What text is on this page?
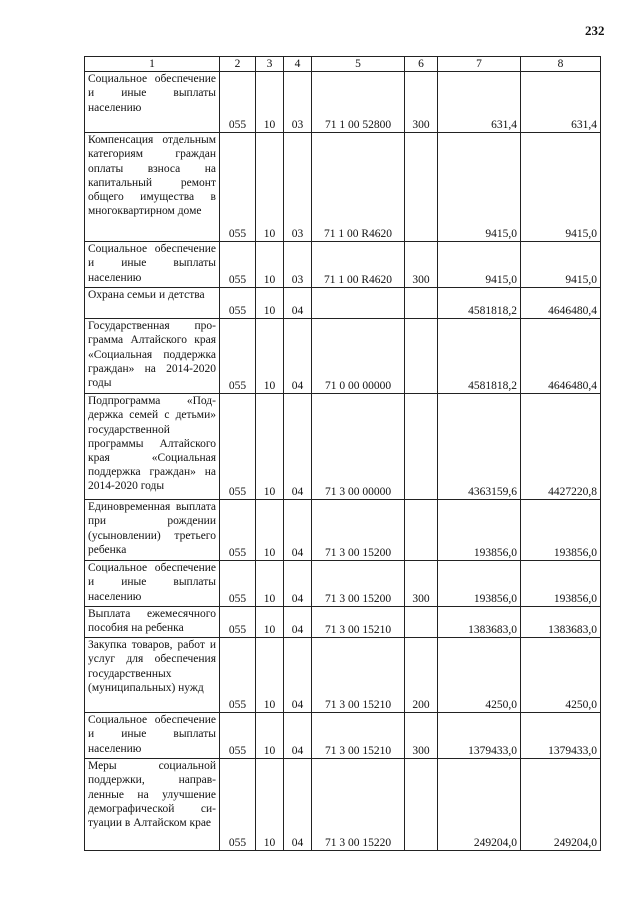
232
1	2	3	4	5	6	7	8
Социальное обеспечение и иные выплаты населению	055	10	03	71 1 00 52800	300	631,4	631,4
Компенсация отдельным категориям граждан оплаты взноса на капитальный ремонт общего имущества в многоквартирном доме	055	10	03	71 1 00 R4620		9415,0	9415,0
Социальное обеспечение и иные выплаты населению	055	10	03	71 1 00 R4620	300	9415,0	9415,0
Охрана семьи и детства	055	10	04			4581818,2	4646480,4
Государственная программа Алтайского края «Социальная поддержка граждан» на 2014-2020 годы	055	10	04	71 0 00 00000		4581818,2	4646480,4
Подпрограмма «Поддержка семей с детьми» государственной программы Алтайского края «Социальная поддержка граждан» на 2014-2020 годы	055	10	04	71 3 00 00000		4363159,6	4427220,8
Единовременная выплата при рождении (усыновлении) третьего ребенка	055	10	04	71 3 00 15200		193856,0	193856,0
Социальное обеспечение и иные выплаты населению	055	10	04	71 3 00 15200	300	193856,0	193856,0
Выплата ежемесячного пособия на ребенка	055	10	04	71 3 00 15210		1383683,0	1383683,0
Закупка товаров, работ и услуг для обеспечения государственных (муниципальных) нужд	055	10	04	71 3 00 15210	200	4250,0	4250,0
Социальное обеспечение и иные выплаты населению	055	10	04	71 3 00 15210	300	1379433,0	1379433,0
Меры социальной поддержки, направленные на улучшение демографической ситуации в Алтайском крае	055	10	04	71 3 00 15220		249204,0	249204,0
